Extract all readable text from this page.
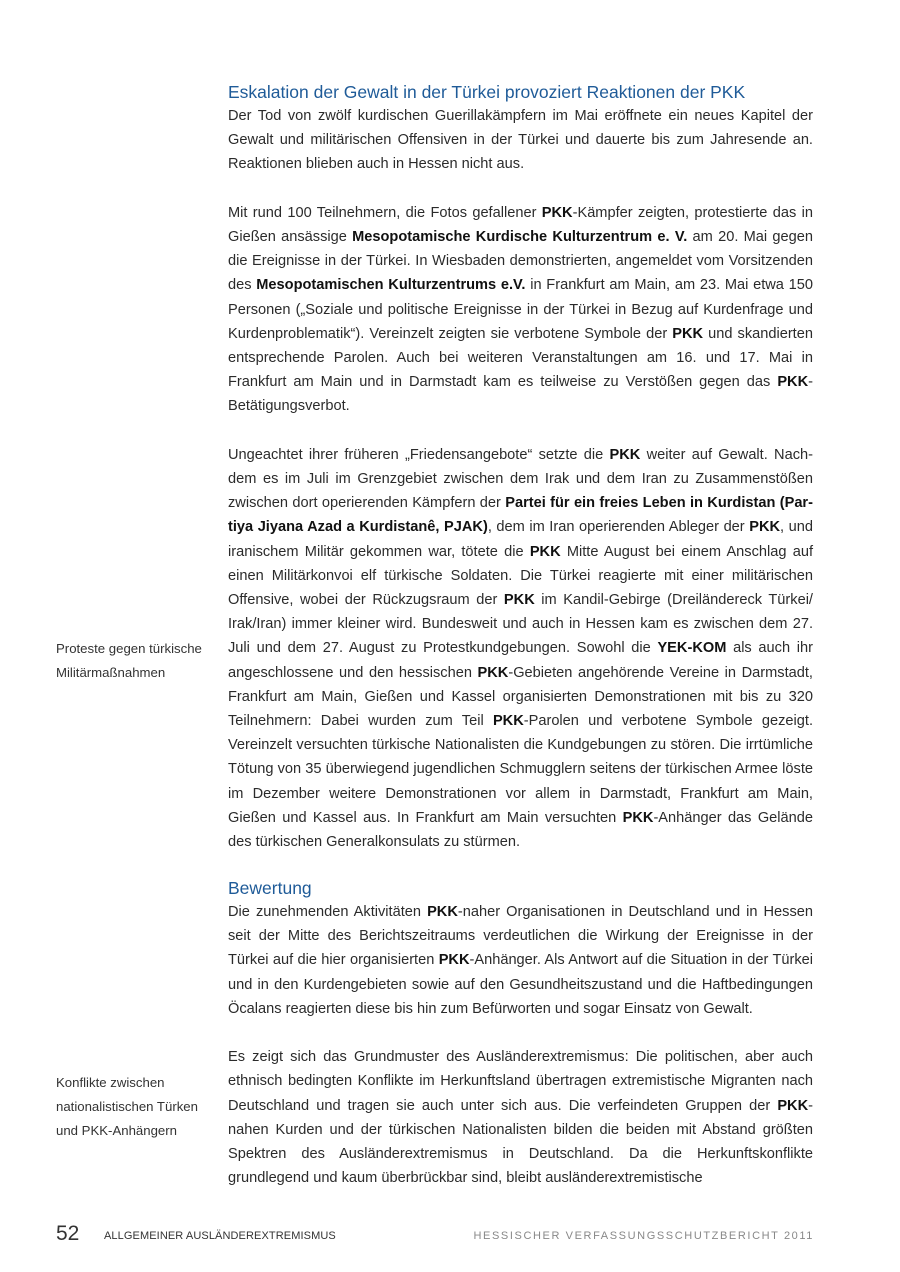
Eskalation der Gewalt in der Türkei provoziert Reaktionen der PKK

Der Tod von zwölf kurdischen Guerillakämpfern im Mai eröffnete ein neues Kapitel der Gewalt und militärischen Offensiven in der Türkei und dauerte bis zum Jahresende an. Reaktionen blieben auch in Hessen nicht aus.

Mit rund 100 Teilnehmern, die Fotos gefallener PKK-Kämpfer zeigten, protestierte das in Gießen ansässige Mesopotamische Kurdische Kulturzentrum e. V. am 20. Mai gegen die Ereignisse in der Türkei. In Wiesbaden demonstrierten, angemeldet vom Vorsitzenden des Mesopotamischen Kulturzentrums e.V. in Frankfurt am Main, am 23. Mai etwa 150 Personen („Soziale und politische Ereignisse in der Türkei in Bezug auf Kurdenfrage und Kurdenproblematik“). Vereinzelt zeigten sie verbotene Symbole der PKK und skandierten entsprechende Parolen. Auch bei weiteren Veranstaltungen am 16. und 17. Mai in Frankfurt am Main und in Darmstadt kam es teilweise zu Verstößen gegen das PKK-Betätigungsverbot.

Ungeachtet ihrer früheren „Friedensangebote“ setzte die PKK weiter auf Gewalt. Nachdem es im Juli im Grenzgebiet zwischen dem Irak und dem Iran zu Zusammenstößen zwischen dort operierenden Kämpfern der Partei für ein freies Leben in Kurdistan (Partiya Jiyana Azad a Kurdistanê, PJAK), dem im Iran operierenden Ableger der PKK, und iranischem Militär gekommen war, tötete die PKK Mitte August bei einem Anschlag auf einen Militärkonvoi elf türkische Soldaten. Die Türkei reagierte mit einer militärischen Offensive, wobei der Rückzugsraum der PKK im Kandil-Gebirge (Dreiländereck Türkei/ Irak/Iran) immer kleiner wird. Bundesweit und auch in Hessen kam es zwischen dem 27. Juli und dem 27. August zu Protestkundgebungen. Sowohl die YEK-KOM als auch ihr angeschlossene und den hessischen PKK-Gebieten angehörende Vereine in Darmstadt, Frankfurt am Main, Gießen und Kassel organisierten Demonstrationen mit bis zu 320 Teilnehmern: Dabei wurden zum Teil PKK-Parolen und verbotene Symbole gezeigt. Vereinzelt versuchten türkische Nationalisten die Kundgebungen zu stören. Die irrtümliche Tötung von 35 überwiegend jugendlichen Schmugglern seitens der türkischen Armee löste im Dezember weitere Demonstrationen vor allem in Darmstadt, Frankfurt am Main, Gießen und Kassel aus. In Frankfurt am Main versuchten PKK-Anhänger das Gelände des türkischen Generalkonsulats zu stürmen.

Bewertung

Die zunehmenden Aktivitäten PKK-naher Organisationen in Deutschland und in Hessen seit der Mitte des Berichtszeitraums verdeutlichen die Wirkung der Ereignisse in der Türkei auf die hier organisierten PKK-Anhänger. Als Antwort auf die Situation in der Türkei und in den Kurdengebieten sowie auf den Gesundheitszustand und die Haftbedingungen Öcalans reagierten diese bis hin zum Befürworten und sogar Einsatz von Gewalt.

Es zeigt sich das Grundmuster des Ausländerextremismus: Die politischen, aber auch ethnisch bedingten Konflikte im Herkunftsland übertragen extremistische Migranten nach Deutschland und tragen sie auch unter sich aus. Die verfeindeten Gruppen der PKK-nahen Kurden und der türkischen Nationalisten bilden die beiden mit Abstand größten Spektren des Ausländerextremismus in Deutschland. Da die Herkunftskonflikte grundlegend und kaum überbrückbar sind, bleibt ausländerextremistische

Proteste gegen türkische
Militärmaßnahmen
Konflikte zwischen
nationalistischen Türken
und PKK-Anhängern
52 ALLGEMEINER AUSLÄNDEREXTREMISMUS	HESSISCHER VERFASSUNGSSCHUTZBERICHT 2011
